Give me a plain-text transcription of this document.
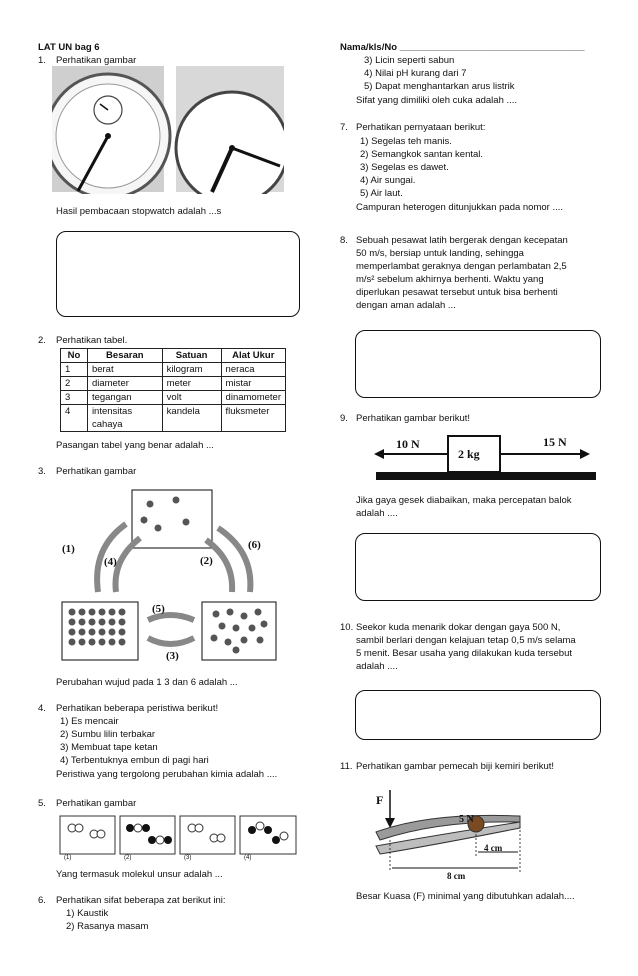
LAT UN bag 6
1. Perhatikan gambar
Hasil pembacaan stopwatch adalah ...s
2. Perhatikan tabel.
No	Besaran	Satuan	Alat Ukur
1	berat	kilogram	neraca
2	diameter	meter	mistar
3	tegangan	volt	dinamometer
4	intensitas cahaya	kandela	fluksmeter
Pasangan tabel yang benar adalah ...
3. Perhatikan gambar
(1)
(2)
(3)
(4)
(5)
(6)
Perubahan wujud pada 1 3 dan 6 adalah ...
4. Perhatikan beberapa peristiwa berikut!
1) Es mencair
2) Sumbu lilin terbakar
3) Membuat tape ketan
4) Terbentuknya embun di pagi hari
Peristiwa yang tergolong perubahan kimia adalah ....
5. Perhatikan gambar
(1)	(2)	(3)	(4)
Yang termasuk molekul unsur adalah ...
6. Perhatikan sifat beberapa zat berikut ini:
1) Kaustik
2) Rasanya masam
Nama/kls/No ___________________________________
3) Licin seperti sabun
4) Nilai pH kurang dari 7
5) Dapat menghantarkan arus listrik
Sifat yang dimiliki oleh cuka adalah ....
7. Perhatikan pernyataan berikut:
1) Segelas teh manis.
2) Semangkok santan kental.
3) Segelas es dawet.
4) Air sungai.
5) Air laut.
Campuran heterogen ditunjukkan pada nomor ....
8. Sebuah pesawat latih bergerak dengan kecepatan
50 m/s, bersiap untuk landing, sehingga
memperlambat geraknya dengan perlambatan 2,5
m/s² sebelum akhirnya berhenti. Waktu yang
diperlukan pesawat tersebut untuk bisa berhenti
dengan aman adalah ...
9. Perhatikan gambar berikut!
10 N
2 kg
15 N
Jika gaya gesek diabaikan, maka percepatan balok
adalah ....
10. Seekor kuda menarik dokar dengan gaya 500 N,
sambil berlari dengan kelajuan tetap 0,5 m/s selama
5 menit. Besar usaha yang dilakukan kuda tersebut
adalah ....
11. Perhatikan gambar pemecah biji kemiri berikut!
F
5 N
4 cm
8 cm
Besar Kuasa (F) minimal yang dibutuhkan adalah....
